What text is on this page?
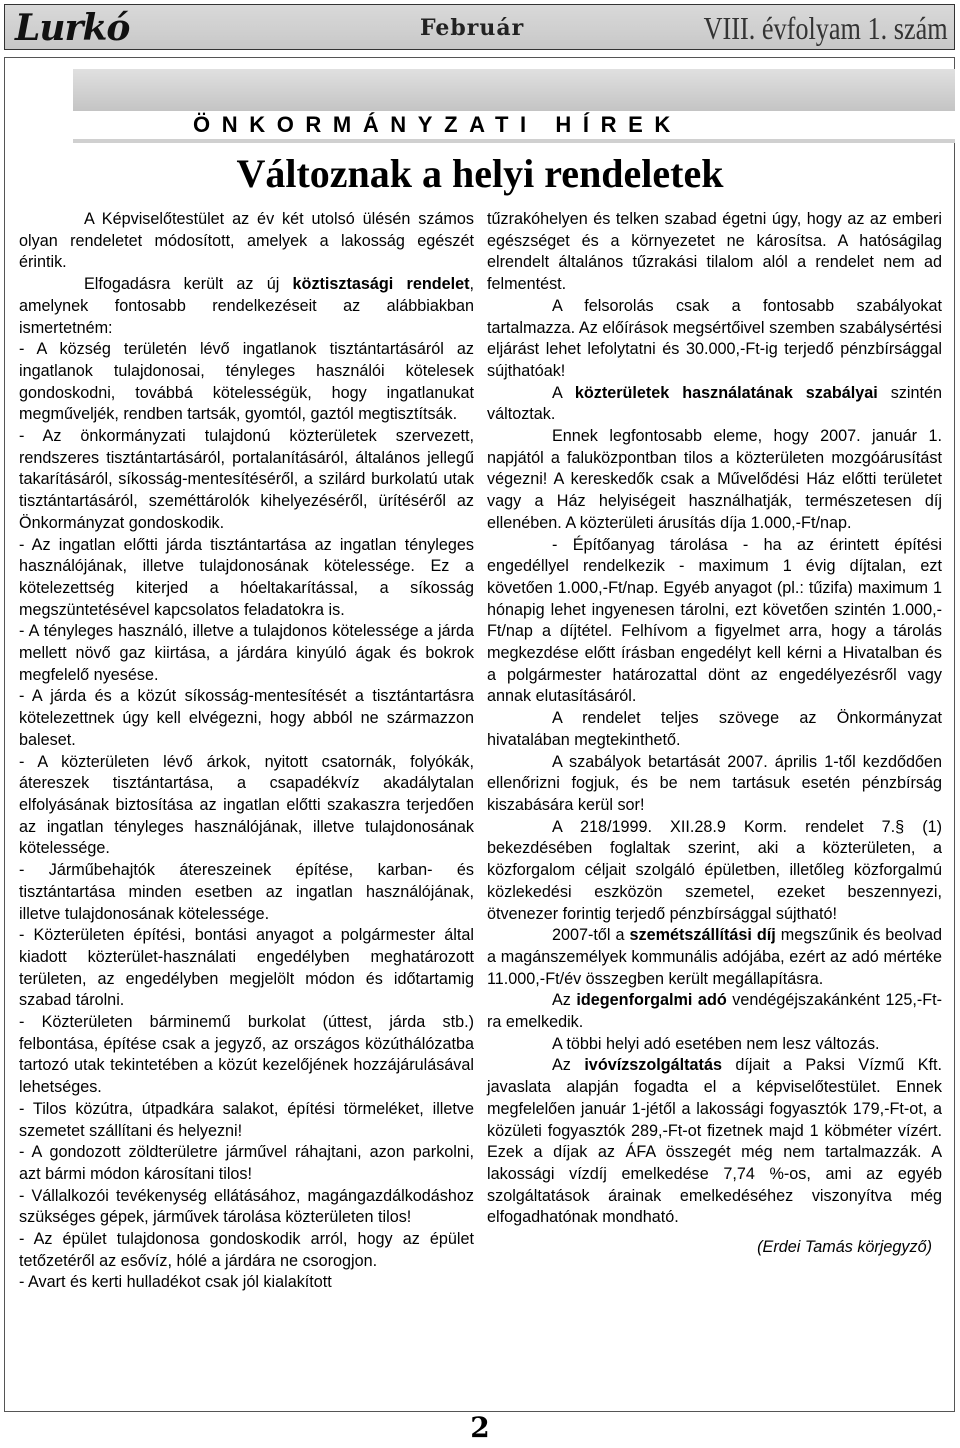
Lurkó	Február	VIII. évfolyam 1. szám
ÖNKORMÁNYZATI HÍREK
Változnak a helyi rendeletek

A Képviselőtestület az év két utolsó ülésén számos olyan rendeletet módosított, amelyek a lakosság egészét érintik.

Elfogadásra került az új köztisztasági rendelet, amelynek fontosabb rendelkezéseit az alábbiakban ismertetném:

- A község területén lévő ingatlanok tisztántartásáról az ingatlanok tulajdonosai, tényleges használói kötelesek gondoskodni, továbbá kötelességük, hogy ingatlanukat megműveljék, rendben tartsák, gyomtól, gaztól megtisztítsák.

- Az önkormányzati tulajdonú közterületek szervezett, rendszeres tisztántartásáról, portalanításáról, általános jellegű takarításáról, síkosság-mentesítéséről, a szilárd burkolatú utak tisztántartásáról, szeméttárolók kihelyezéséről, ürítéséről az Önkormányzat gondoskodik.

- Az ingatlan előtti járda tisztántartása az ingatlan tényleges használójának, illetve tulajdonosának kötelessége. Ez a kötelezettség kiterjed a hóeltakarítással, a síkosság megszüntetésével kapcsolatos feladatokra is.

- A tényleges használó, illetve a tulajdonos kötelessége a járda mellett növő gaz kiirtása, a járdára kinyúló ágak és bokrok megfelelő nyesése.

- A járda és a közút síkosság-mentesítését a tisztántartásra kötelezettnek úgy kell elvégezni, hogy abból ne származzon baleset.

- A közterületen lévő árkok, nyitott csatornák, folyókák, átereszek tisztántartása, a csapadékvíz akadálytalan elfolyásának biztosítása az ingatlan előtti szakaszra terjedően az ingatlan tényleges használójának, illetve tulajdonosának kötelessége.

- Járműbehajtók átereszeinek építése, karban- és tisztántartása minden esetben az ingatlan használójának, illetve tulajdonosának kötelessége.

- Közterületen építési, bontási anyagot a polgármester által kiadott közterület-használati engedélyben meghatározott területen, az engedélyben megjelölt módon és időtartamig szabad tárolni.

- Közterületen bárminemű burkolat (úttest, járda stb.) felbontása, építése csak a jegyző, az országos közúthálózatba tartozó utak tekintetében a közút kezelőjének hozzájárulásával lehetséges.

- Tilos közútra, útpadkára salakot, építési törmeléket, illetve szemetet szállítani és helyezni!

- A gondozott zöldterületre járművel ráhajtani, azon parkolni, azt bármi módon károsítani tilos!

- Vállalkozói tevékenység ellátásához, magángazdálkodáshoz szükséges gépek, járművek tárolása közterületen tilos!

- Az épület tulajdonosa gondoskodik arról, hogy az épület tetőzetéről az esővíz, hólé a járdára ne csorogjon.

- Avart és kerti hulladékot csak jól kialakított

tűzrakóhelyen és telken szabad égetni úgy, hogy az az emberi egészséget és a környezetet ne károsítsa. A hatóságilag elrendelt általános tűzrakási tilalom alól a rendelet nem ad felmentést.

A felsorolás csak a fontosabb szabályokat tartalmazza. Az előírások megsértőivel szemben szabálysértési eljárást lehet lefolytatni és 30.000,-Ft-ig terjedő pénzbírsággal sújthatóak!

A közterületek használatának szabályai szintén változtak.

Ennek legfontosabb eleme, hogy 2007. január 1. napjától a faluközpontban tilos a közterületen mozgóárusítást végezni! A kereskedők csak a Művelődési Ház előtti területet vagy a Ház helyiségeit használhatják, természetesen díj ellenében. A közterületi árusítás díja 1.000,-Ft/nap.

- Építőanyag tárolása - ha az érintett építési engedéllyel rendelkezik - maximum 1 évig díjtalan, ezt követően 1.000,-Ft/nap. Egyéb anyagot (pl.: tűzifa) maximum 1 hónapig lehet ingyenesen tárolni, ezt követően szintén 1.000,-Ft/nap a díjtétel. Felhívom a figyelmet arra, hogy a tárolás megkezdése előtt írásban engedélyt kell kérni a Hivatalban és a polgármester határozattal dönt az engedélyezésről vagy annak elutasításáról.

A rendelet teljes szövege az Önkormányzat hivatalában megtekinthető.

A szabályok betartását 2007. április 1-től kezdődően ellenőrizni fogjuk, és be nem tartásuk esetén pénzbírság kiszabására kerül sor!

A 218/1999. XII.28.9 Korm. rendelet 7.§ (1) bekezdésében foglaltak szerint, aki a közterületen, a közforgalom céljait szolgáló épületben, illetőleg közforgalmú közlekedési eszközön szemetel, ezeket beszennyezi, ötvenezer forintig terjedő pénzbírsággal sújtható!

2007-től a szemétszállítási díj megszűnik és beolvad a magánszemélyek kommunális adójába, ezért az adó mértéke 11.000,-Ft/év összegben került megállapításra.

Az idegenforgalmi adó vendégéjszakánként 125,-Ft-ra emelkedik.

A többi helyi adó esetében nem lesz változás.

Az ivóvízszolgáltatás díjait a Paksi Vízmű Kft. javaslata alapján fogadta el a képviselőtestület. Ennek megfelelően január 1-jétől a lakossági fogyasztók 179,-Ft-ot, a közületi fogyasztók 289,-Ft-ot fizetnek majd 1 köbméter vízért. Ezek a díjak az ÁFA összegét még nem tartalmazzák. A lakossági vízdíj emelkedése 7,74 %-os, ami az egyéb szolgáltatások árainak emelkedéséhez viszonyítva még elfogadhatónak mondható.

(Erdei Tamás körjegyző)

2
